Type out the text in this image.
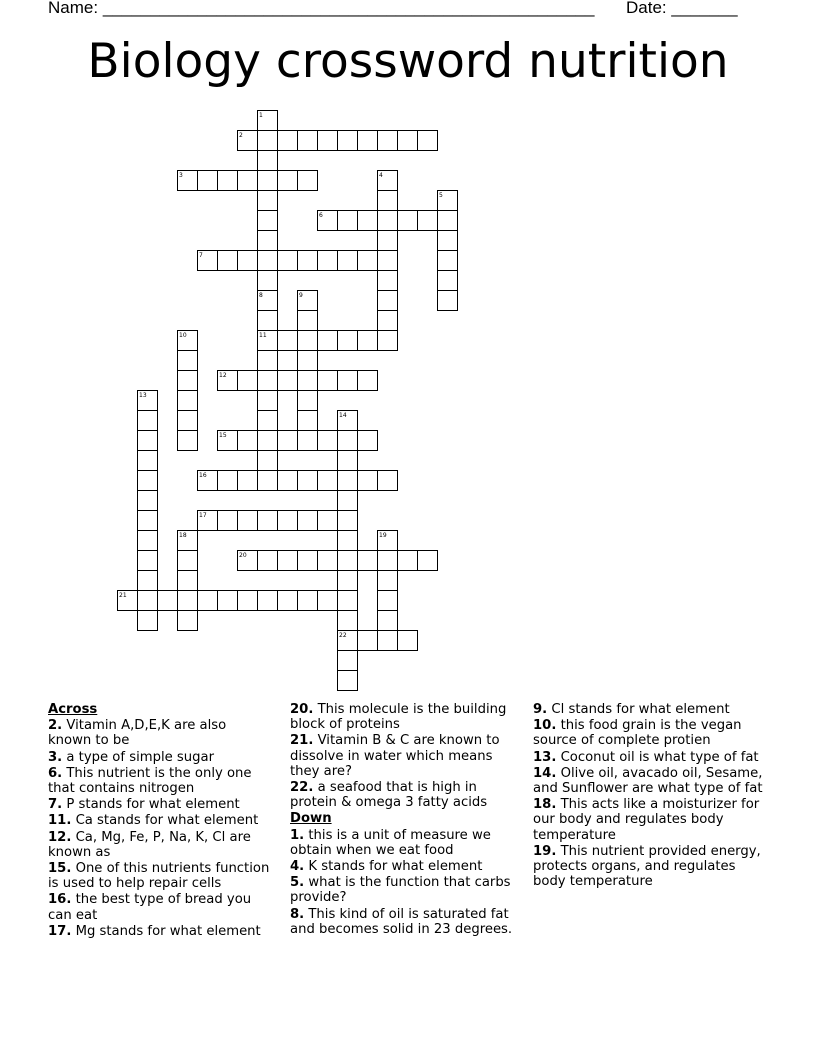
Name: ____________________________________________________ Date: _______
Biology crossword nutrition
1
2
3	4
5
6
7
8	9
10	11
12
13
14
15
16
17
18	19
20
21
22
Across
2. Vitamin A,D,E,K are also known to be
3. a type of simple sugar
6. This nutrient is the only one that contains nitrogen
7. P stands for what element
11. Ca stands for what element
12. Ca, Mg, Fe, P, Na, K, Cl are known as
15. One of this nutrients function is used to help repair cells
16. the best type of bread you can eat
17. Mg stands for what element
20. This molecule is the building block of proteins
21. Vitamin B & C are known to dissolve in water which means they are?
22. a seafood that is high in protein & omega 3 fatty acids
Down
1. this is a unit of measure we obtain when we eat food
4. K stands for what element
5. what is the function that carbs provide?
8. This kind of oil is saturated fat and becomes solid in 23 degrees.
9. Cl stands for what element
10. this food grain is the vegan source of complete protien
13. Coconut oil is what type of fat
14. Olive oil, avacado oil, Sesame, and Sunflower are what type of fat
18. This acts like a moisturizer for our body and regulates body temperature
19. This nutrient provided energy, protects organs, and regulates body temperature
